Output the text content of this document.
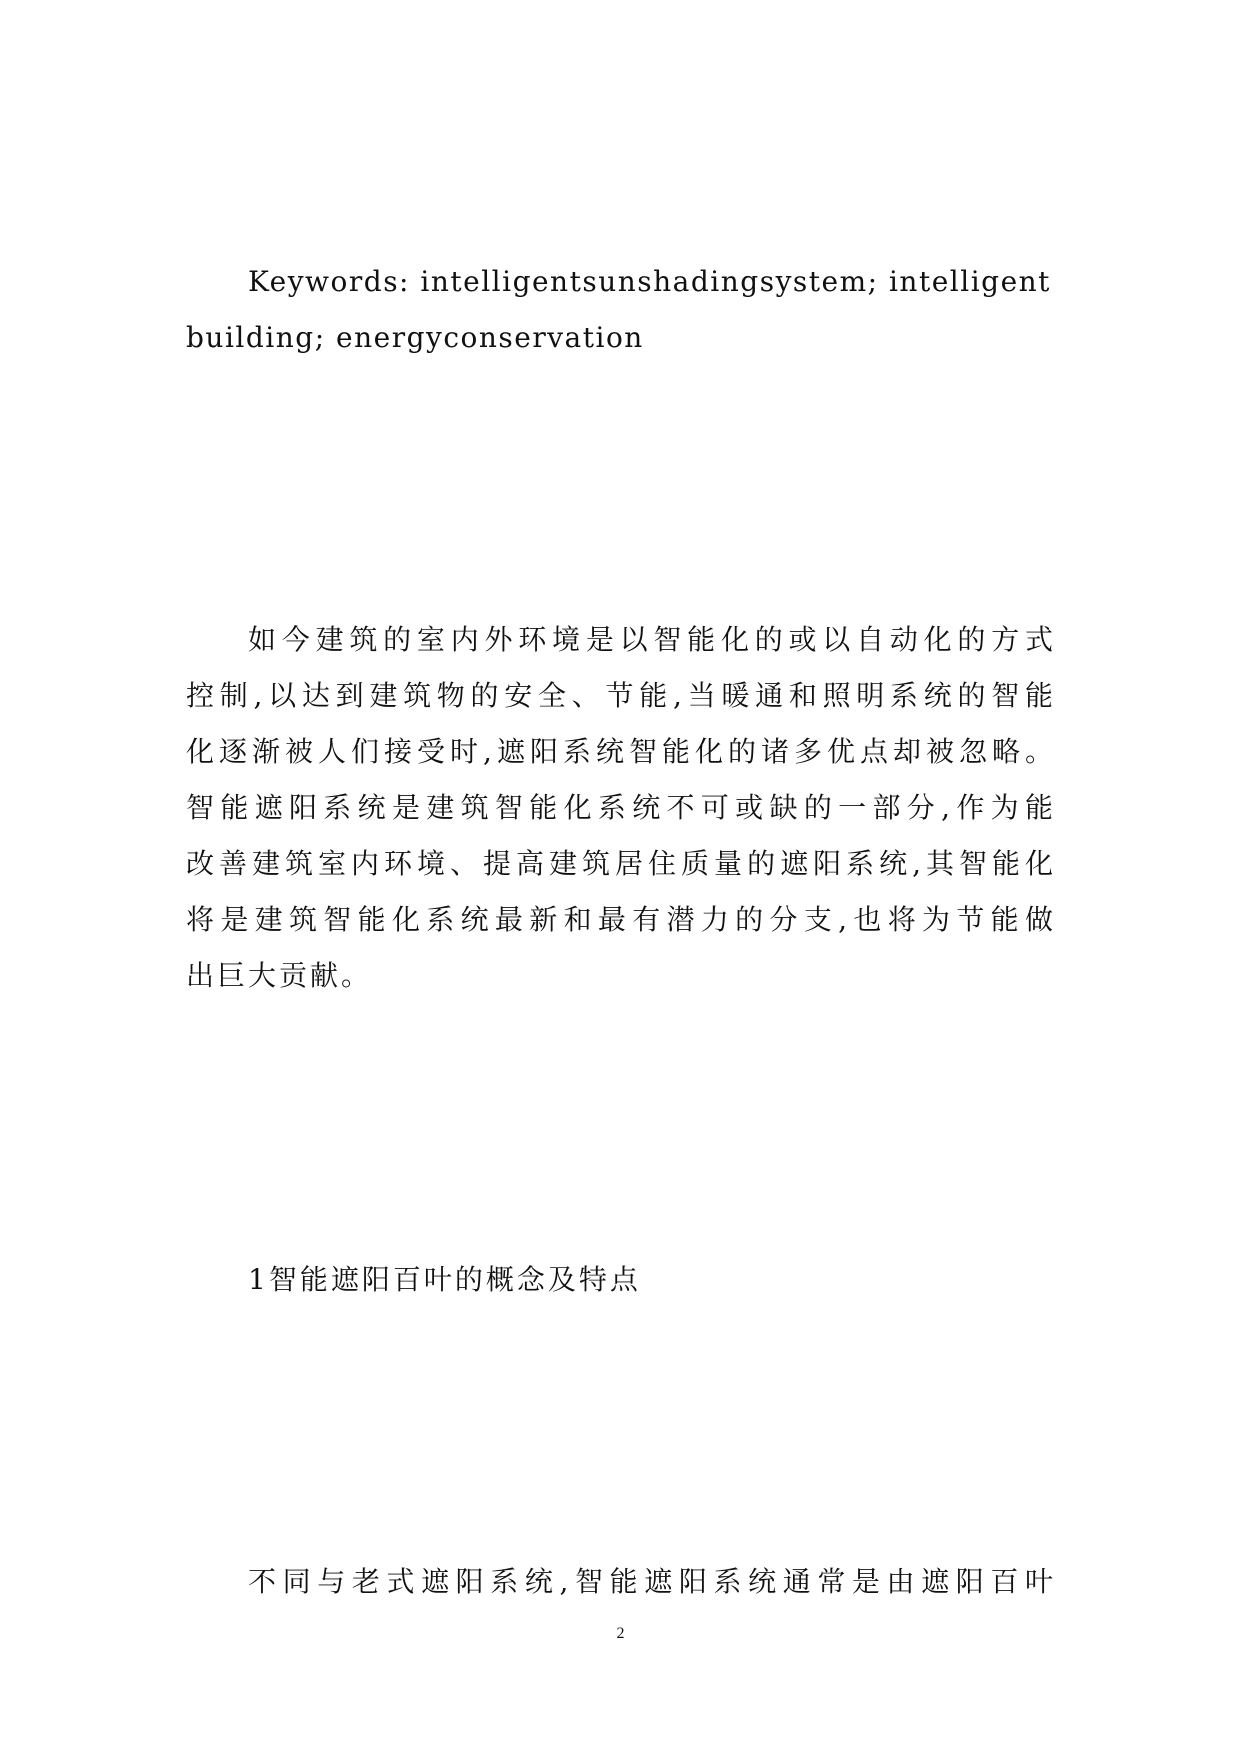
Keywords: intelligentsunshadingsystem; intelligent
building; energyconservation
如今建筑的室内外环境是以智能化的或以自动化的方式
控制,以达到建筑物的安全、节能,当暖通和照明系统的智能
化逐渐被人们接受时,遮阳系统智能化的诸多优点却被忽略。
智能遮阳系统是建筑智能化系统不可或缺的一部分,作为能
改善建筑室内环境、提高建筑居住质量的遮阳系统,其智能化
将是建筑智能化系统最新和最有潜力的分支,也将为节能做
出巨大贡献。
1智能遮阳百叶的概念及特点
不同与老式遮阳系统,智能遮阳系统通常是由遮阳百叶
2
